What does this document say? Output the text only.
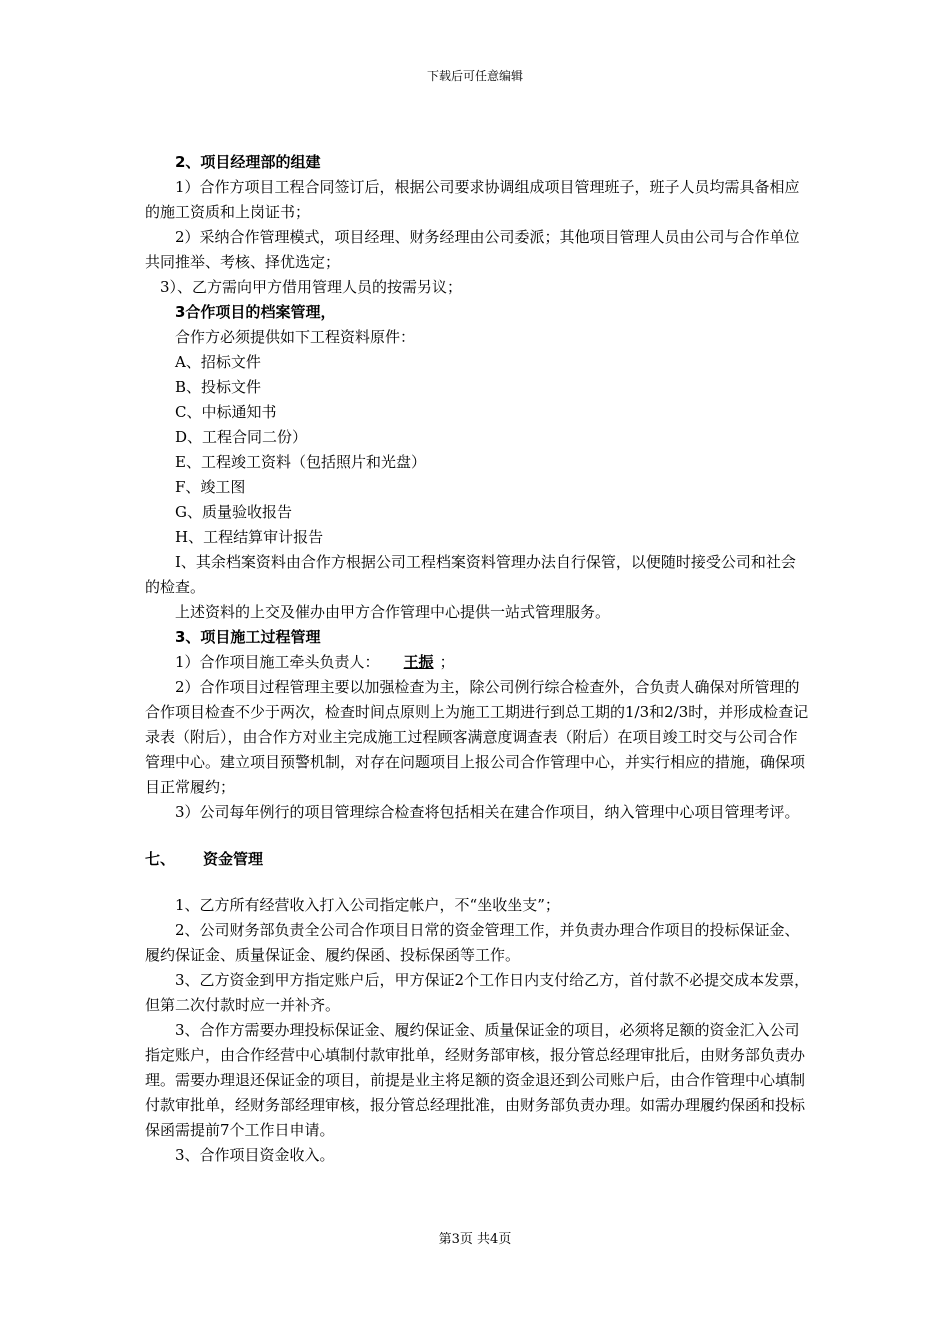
下载后可任意编辑

2、项目经理部的组建

1）合作方项目工程合同签订后，根据公司要求协调组成项目管理班子，班子人员均需具备相应的施工资质和上岗证书；

2）采纳合作管理模式，项目经理、财务经理由公司委派；其他项目管理人员由公司与合作单位共同推举、考核、择优选定；

3）、乙方需向甲方借用管理人员的按需另议；

3合作项目的档案管理，

合作方必须提供如下工程资料原件：

A、招标文件

B、投标文件

C、中标通知书

D、工程合同二份）

E、工程竣工资料（包括照片和光盘）

F、竣工图

G、质量验收报告

H、工程结算审计报告

I、其余档案资料由合作方根据公司工程档案资料管理办法自行保管，以便随时接受公司和社会的检查。

上述资料的上交及催办由甲方合作管理中心提供一站式管理服务。

3、项目施工过程管理

1）合作项目施工牵头负责人： 王振 ；

2）合作项目过程管理主要以加强检查为主，除公司例行综合检查外，合负责人确保对所管理的合作项目检查不少于两次，检查时间点原则上为施工工期进行到总工期的1/3和2/3时，并形成检查记录表（附后），由合作方对业主完成施工过程顾客满意度调查表（附后）在项目竣工时交与公司合作管理中心。建立项目预警机制，对存在问题项目上报公司合作管理中心，并实行相应的措施，确保项目正常履约；

3）公司每年例行的项目管理综合检查将包括相关在建合作项目，纳入管理中心项目管理考评。

七、 资金管理

1、乙方所有经营收入打入公司指定帐户，不“坐收坐支”；

2、公司财务部负责全公司合作项目日常的资金管理工作，并负责办理合作项目的投标保证金、履约保证金、质量保证金、履约保函、投标保函等工作。

3、乙方资金到甲方指定账户后，甲方保证2个工作日内支付给乙方，首付款不必提交成本发票，但第二次付款时应一并补齐。

3、合作方需要办理投标保证金、履约保证金、质量保证金的项目，必须将足额的资金汇入公司指定账户，由合作经营中心填制付款审批单，经财务部审核，报分管总经理审批后，由财务部负责办理。需要办理退还保证金的项目，前提是业主将足额的资金退还到公司账户后，由合作管理中心填制付款审批单，经财务部经理审核，报分管总经理批准，由财务部负责办理。如需办理履约保函和投标保函需提前7个工作日申请。

3、合作项目资金收入。

第3页 共4页
